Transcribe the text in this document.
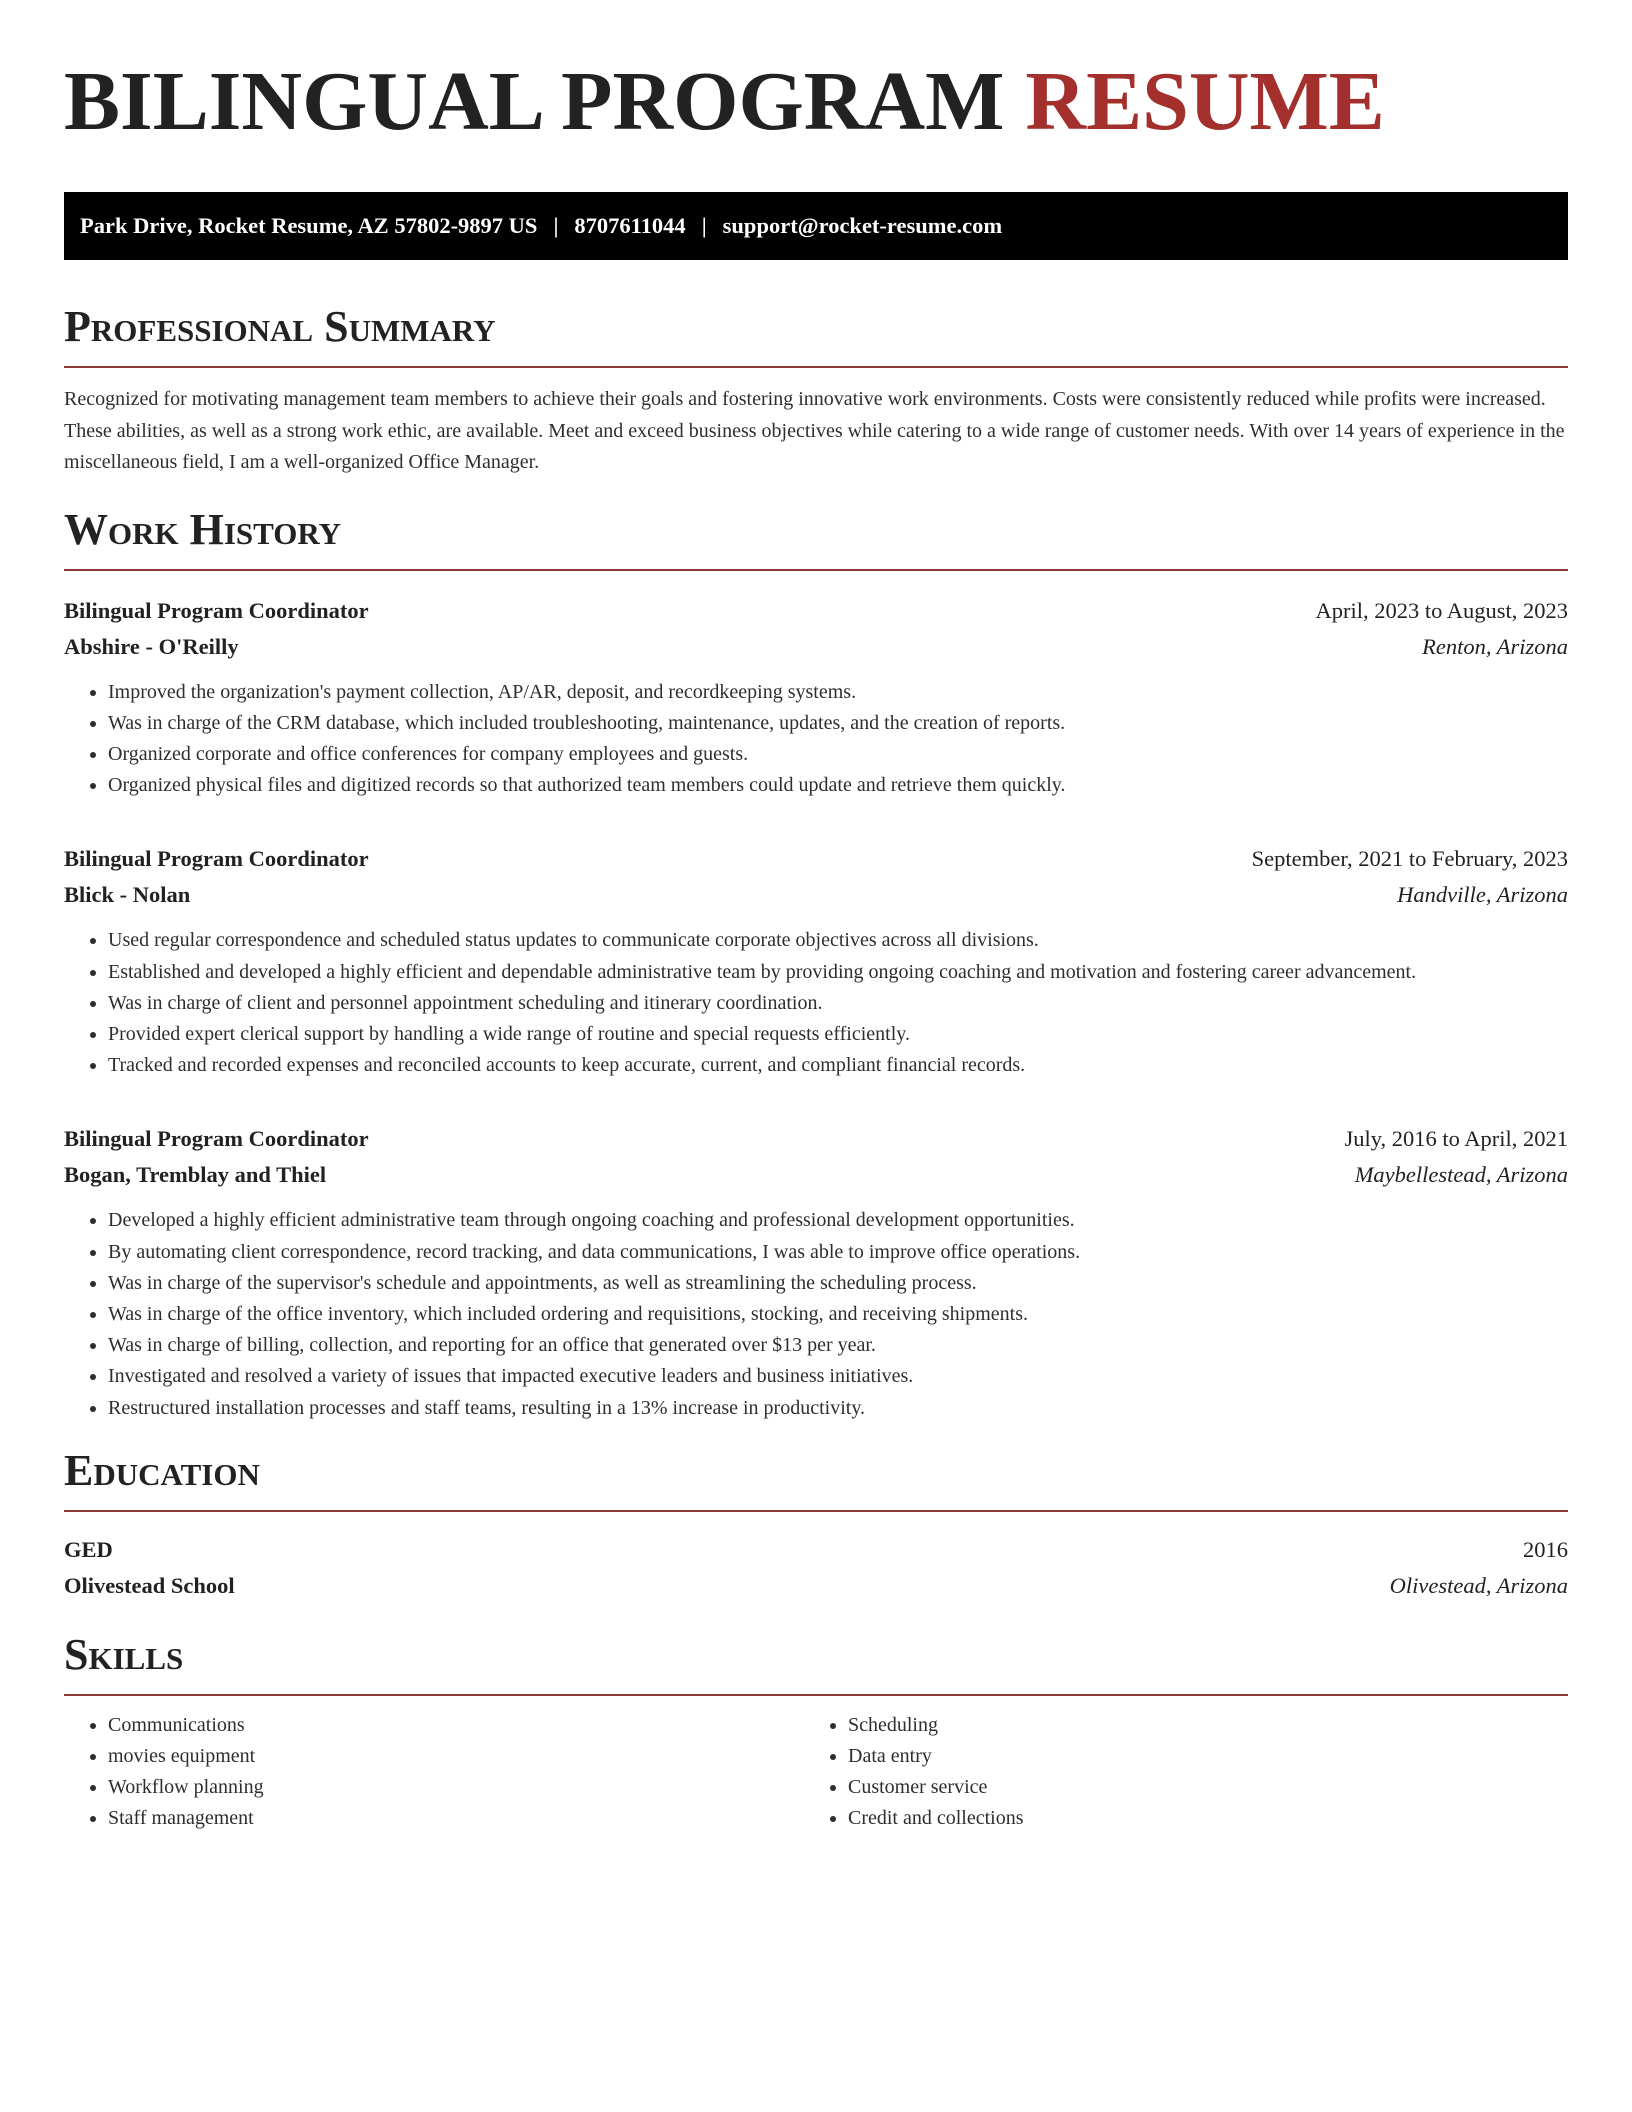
BILINGUAL PROGRAM RESUME
Park Drive, Rocket Resume, AZ 57802-9897 US | 8707611044 | support@rocket-resume.com
Professional Summary

Recognized for motivating management team members to achieve their goals and fostering innovative work environments. Costs were consistently reduced while profits were increased. These abilities, as well as a strong work ethic, are available. Meet and exceed business objectives while catering to a wide range of customer needs. With over 14 years of experience in the miscellaneous field, I am a well-organized Office Manager.

Work History
Bilingual Program Coordinator	April, 2023 to August, 2023
Abshire - O'Reilly	Renton, Arizona
• Improved the organization's payment collection, AP/AR, deposit, and recordkeeping systems.
• Was in charge of the CRM database, which included troubleshooting, maintenance, updates, and the creation of reports.
• Organized corporate and office conferences for company employees and guests.
• Organized physical files and digitized records so that authorized team members could update and retrieve them quickly.
Bilingual Program Coordinator	September, 2021 to February, 2023
Blick - Nolan	Handville, Arizona
• Used regular correspondence and scheduled status updates to communicate corporate objectives across all divisions.
• Established and developed a highly efficient and dependable administrative team by providing ongoing coaching and motivation and fostering career advancement.
• Was in charge of client and personnel appointment scheduling and itinerary coordination.
• Provided expert clerical support by handling a wide range of routine and special requests efficiently.
• Tracked and recorded expenses and reconciled accounts to keep accurate, current, and compliant financial records.
Bilingual Program Coordinator	July, 2016 to April, 2021
Bogan, Tremblay and Thiel	Maybellestead, Arizona
• Developed a highly efficient administrative team through ongoing coaching and professional development opportunities.
• By automating client correspondence, record tracking, and data communications, I was able to improve office operations.
• Was in charge of the supervisor's schedule and appointments, as well as streamlining the scheduling process.
• Was in charge of the office inventory, which included ordering and requisitions, stocking, and receiving shipments.
• Was in charge of billing, collection, and reporting for an office that generated over $13 per year.
• Investigated and resolved a variety of issues that impacted executive leaders and business initiatives.
• Restructured installation processes and staff teams, resulting in a 13% increase in productivity.
Education
GED	2016
Olivestead School	Olivestead, Arizona
Skills
• Communications
• movies equipment
• Workflow planning
• Staff management
• Scheduling
• Data entry
• Customer service
• Credit and collections
